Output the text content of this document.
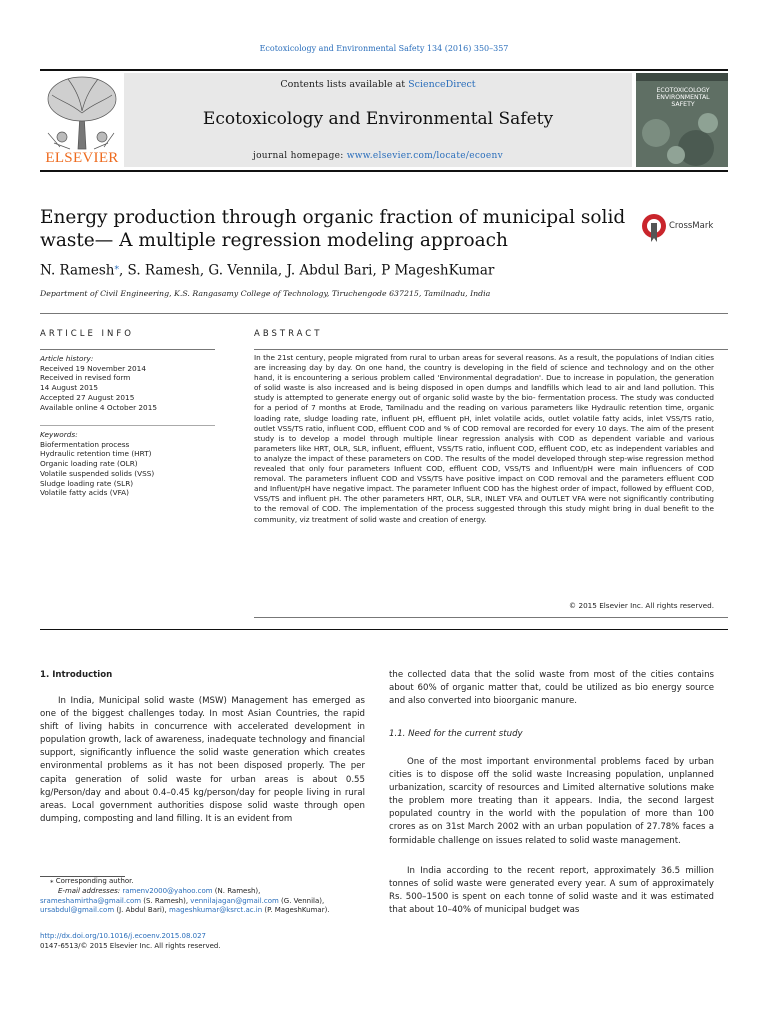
Ecotoxicology and Environmental Safety 134 (2016) 350–357
ELSEVIER
Contents lists available at ScienceDirect
Ecotoxicology and Environmental Safety
journal homepage: www.elsevier.com/locate/ecoenv
ECOTOXICOLOGY
ENVIRONMENTAL
SAFETY
Energy production through organic fraction of municipal solid waste— A multiple regression modeling approach
CrossMark
N. Ramesh⁎, S. Ramesh, G. Vennila, J. Abdul Bari, P MageshKumar
Department of Civil Engineering, K.S. Rangasamy College of Technology, Tiruchengode 637215, Tamilnadu, India
ARTICLE INFO	ABSTRACT
Article history:
Received 19 November 2014
Received in revised form
14 August 2015
Accepted 27 August 2015
Available online 4 October 2015
Keywords:
Biofermentation process
Hydraulic retention time (HRT)
Organic loading rate (OLR)
Volatile suspended solids (VSS)
Sludge loading rate (SLR)
Volatile fatty acids (VFA)
In the 21st century, people migrated from rural to urban areas for several reasons. As a result, the populations of Indian cities are increasing day by day. On one hand, the country is developing in the field of science and technology and on the other hand, it is encountering a serious problem called 'Environmental degradation'. Due to increase in population, the generation of solid waste is also increased and is being disposed in open dumps and landfills which lead to air and land pollution. This study is attempted to generate energy out of organic solid waste by the bio- fermentation process. The study was conducted for a period of 7 months at Erode, Tamilnadu and the reading on various parameters like Hydraulic retention time, organic loading rate, sludge loading rate, influent pH, effluent pH, inlet volatile acids, outlet volatile fatty acids, inlet VSS/TS ratio, outlet VSS/TS ratio, influent COD, effluent COD and % of COD removal are recorded for every 10 days. The aim of the present study is to develop a model through multiple linear regression analysis with COD as dependent variable and various parameters like HRT, OLR, SLR, influent, effluent, VSS/TS ratio, influent COD, effluent COD, etc as independent variables and to analyze the impact of these parameters on COD. The results of the model developed through step-wise regression method revealed that only four parameters Influent COD, effluent COD, VSS/TS and Influent/pH were main influencers of COD removal. The parameters influent COD and VSS/TS have positive impact on COD removal and the parameters effluent COD and Influent/pH have negative impact. The parameter Influent COD has the highest order of impact, followed by effluent COD, VSS/TS and influent pH. The other parameters HRT, OLR, SLR, INLET VFA and OUTLET VFA were not significantly contributing to the removal of COD. The implementation of the process suggested through this study might bring in dual benefit to the community, viz treatment of solid waste and creation of energy.
© 2015 Elsevier Inc. All rights reserved.
1. Introduction
In India, Municipal solid waste (MSW) Management has emerged as one of the biggest challenges today. In most Asian Countries, the rapid shift of living habits in concurrence with accelerated development in population growth, lack of awareness, inadequate technology and financial support, significantly influence the solid waste generation which creates environmental problems as it has not been disposed properly. The per capita generation of solid waste for urban areas is about 0.55 kg/Person/day and about 0.4–0.45 kg/person/day for people living in rural areas. Local government authorities dispose solid waste through open dumping, composting and land filling. It is an evident from
the collected data that the solid waste from most of the cities contains about 60% of organic matter that, could be utilized as bio energy source and also converted into bioorganic manure.
1.1. Need for the current study
One of the most important environmental problems faced by urban cities is to dispose off the solid waste Increasing population, unplanned urbanization, scarcity of resources and Limited alternative solutions make the problem more treating than it appears. India, the second largest populated country in the world with the population of more than 100 crores as on 31st March 2002 with an urban population of 27.78% faces a formidable challenge on issues related to solid waste management.
In India according to the recent report, approximately 36.5 million tonnes of solid waste were generated every year. A sum of approximately Rs. 500–1500 is spent on each tonne of solid waste and it was estimated that about 10–40% of municipal budget was
⁎ Corresponding author.
E-mail addresses: ramenv2000@yahoo.com (N. Ramesh),
srameshamirtha@gmail.com (S. Ramesh), vennilajagan@gmail.com (G. Vennila),
ursabdul@gmail.com (J. Abdul Bari), mageshkumar@ksrct.ac.in (P. MageshKumar).
http://dx.doi.org/10.1016/j.ecoenv.2015.08.027
0147-6513/© 2015 Elsevier Inc. All rights reserved.
